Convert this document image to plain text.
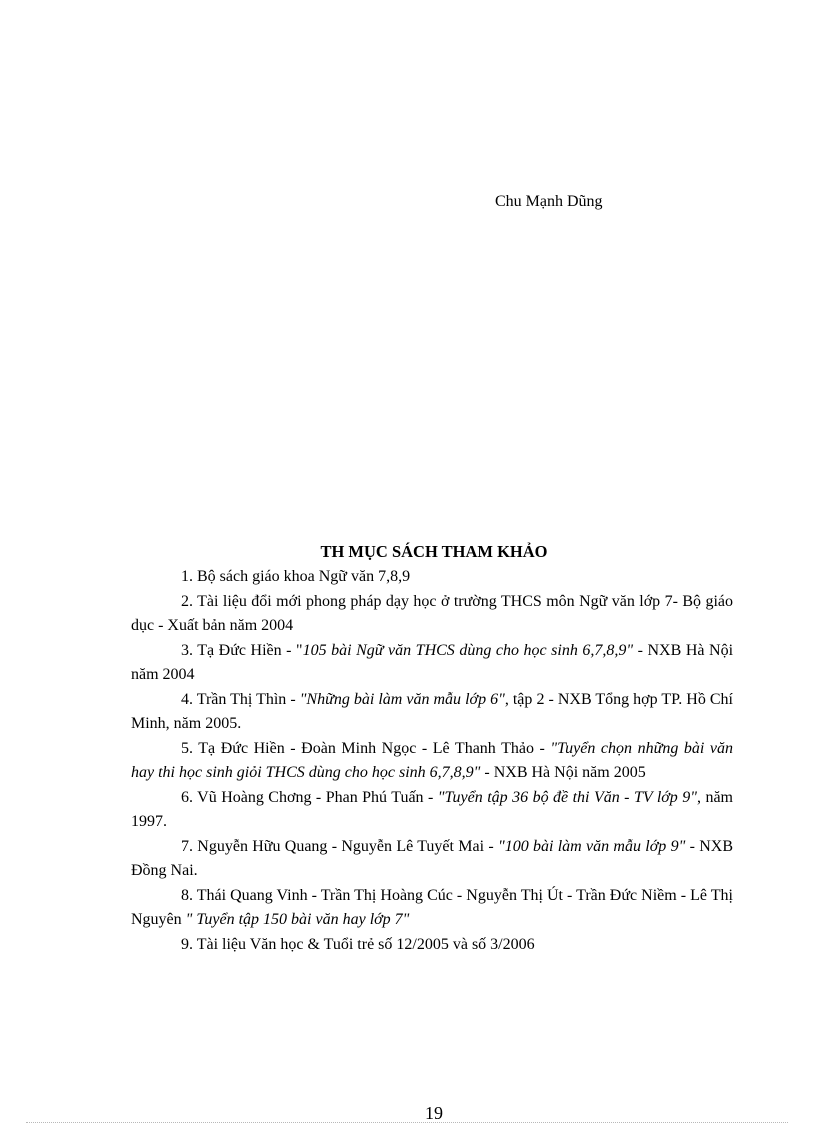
Chu Mạnh Dũng
TH MỤC SÁCH THAM KHẢO
1. Bộ sách giáo khoa Ngữ văn 7,8,9
2. Tài liệu đổi mới phong pháp dạy học ở trường THCS môn Ngữ văn lớp 7- Bộ giáo dục - Xuất bản năm 2004
3. Tạ Đức Hiền - "105 bài Ngữ văn THCS dùng cho học sinh 6,7,8,9" - NXB Hà Nội năm 2004
4. Trần Thị Thìn - "Những bài làm văn mẫu lớp 6", tập 2 - NXB Tổng hợp TP. Hồ Chí Minh, năm 2005.
5. Tạ Đức Hiền - Đoàn Minh Ngọc - Lê Thanh Thảo - "Tuyển chọn những bài văn hay thi học sinh giỏi THCS dùng cho học sinh 6,7,8,9" - NXB Hà Nội năm 2005
6. Vũ Hoàng Chơng - Phan Phú Tuấn - "Tuyển tập 36 bộ đề thi Văn - TV lớp 9", năm 1997.
7. Nguyễn Hữu Quang - Nguyễn Lê Tuyết Mai - "100 bài làm văn mẫu lớp 9" - NXB Đồng Nai.
8. Thái Quang Vinh - Trần Thị Hoàng Cúc - Nguyễn Thị Út - Trần Đức Niềm - Lê Thị Nguyên " Tuyển tập 150 bài văn hay lớp 7"
9. Tài liệu Văn học & Tuổi trẻ số 12/2005 và số 3/2006
19
